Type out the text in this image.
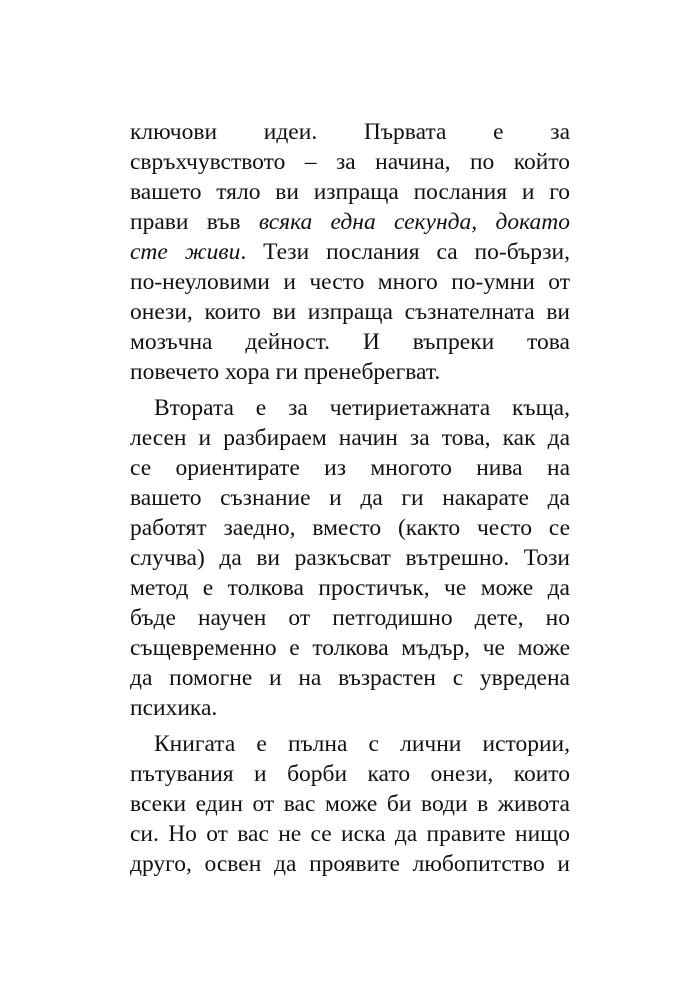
ключови идеи. Първата е за
свръхчувството – за начина, по който
вашето тяло ви изпраща послания и го
прави във всяка една секунда, докато
сте живи. Тези послания са по-бързи,
по-неуловими и често много по-умни от
онези, които ви изпраща съзнателната ви
мозъчна дейност. И въпреки това
повечето хора ги пренебрегват.
Втората е за четириетажната къща,
лесен и разбираем начин за това, как да
се ориентирате из многото нива на
вашето съзнание и да ги накарате да
работят заедно, вместо (както често се
случва) да ви разкъсват вътрешно. Този
метод е толкова простичък, че може да
бъде научен от петгодишно дете, но
същевременно е толкова мъдър, че може
да помогне и на възрастен с увредена
психика.
Книгата е пълна с лични истории,
пътувания и борби като онези, които
всеки един от вас може би води в живота
си. Но от вас не се иска да правите нищо
друго, освен да проявите любопитство и
